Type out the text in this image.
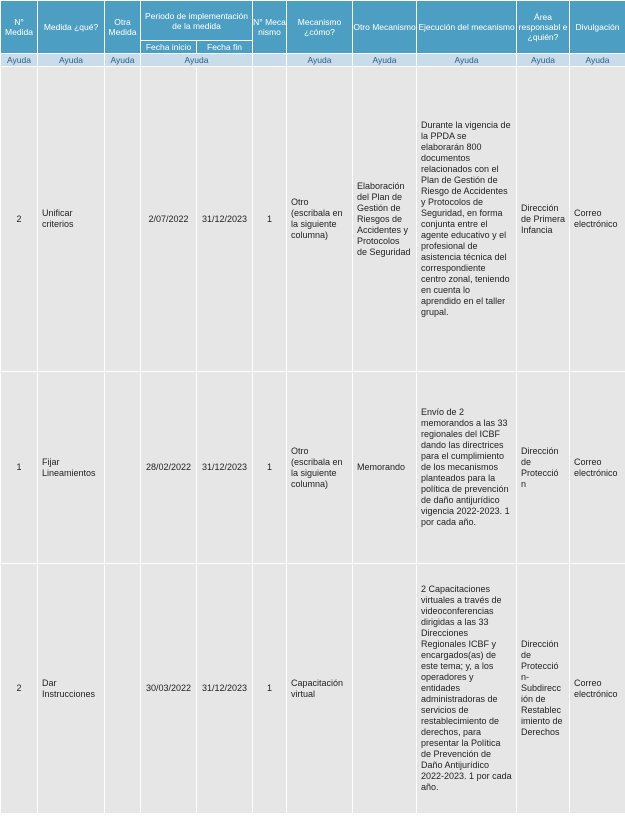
N° Medida	Medida ¿qué?	Otra Medida	Periodo de implementación de la medida		N° Meca nismo	Mecanismo ¿cómo?	Otro Mecanismo	Ejecución del mecanismo	Área responsabl e ¿quién?	Divulgación
			Fecha inicio	Fecha fin						
Ayuda	Ayuda	Ayuda	Ayuda			Ayuda	Ayuda	Ayuda	Ayuda	Ayuda
2	Unificar criterios		2/07/2022	31/12/2023	1	Otro (escribala en la siguiente columna)	Elaboración del Plan de Gestión de Riesgos de Accidentes y Protocolos de Seguridad	Durante la vigencia de la PPDA se elaborarán 800 documentos relacionados con el Plan de Gestión de Riesgo de Accidentes y Protocolos de Seguridad, en forma conjunta entre el agente educativo y el profesional de asistencia técnica del correspondiente centro zonal, teniendo en cuenta lo aprendido en el taller grupal.	Dirección de Primera Infancia	Correo electrónico
1	Fijar Lineamientos		28/02/2022	31/12/2023	1	Otro (escribala en la siguiente columna)	Memorando	Envío de 2 memorandos a las 33 regionales del ICBF dando las directrices para el cumplimiento de los mecanismos planteados para la política de prevención de daño antijurídico vigencia 2022-2023. 1 por cada año.	Dirección de Protecció n	Correo electrónico
2	Dar Instrucciones		30/03/2022	31/12/2023	1	Capacitación virtual		2 Capacitaciones virtuales a través de videoconferencias dirigidas a las 33 Direcciones Regionales ICBF y encargados(as) de este tema; y, a los operadores y entidades administradoras de servicios de restablecimiento de derechos, para presentar la Política de Prevención de Daño Antijurídico 2022-2023. 1 por cada año.	Dirección de Protecció n- Subdirecc ión de Restablec imiento de Derechos	Correo electrónico
